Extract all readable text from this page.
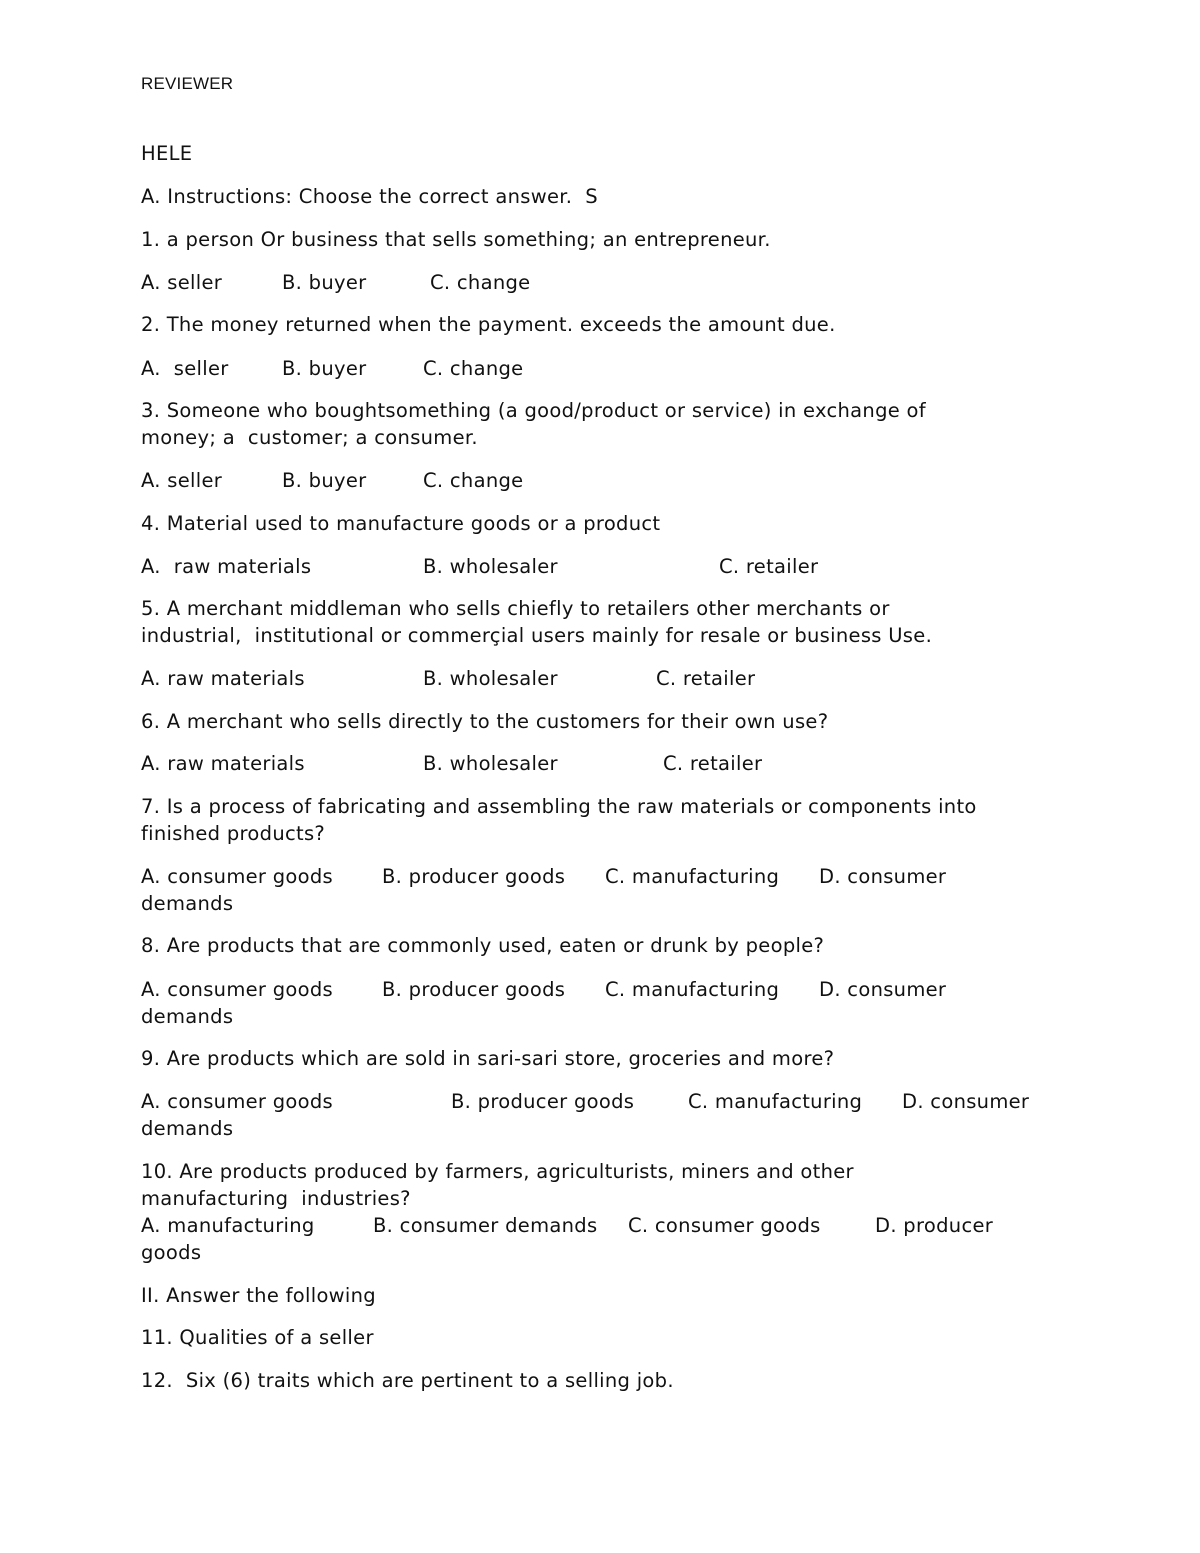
REVIEWER

HELE

A. Instructions: Choose the correct answer.  S

1. a person Or business that sells something; an entrepreneur.

A. seller	B. buyer	C. change

2. The money returned when the payment. exceeds the amount due.

A.  seller	B. buyer	C. change

3. Someone who boughtsomething (a good/product or service) in exchange of

money; a  customer; a consumer.

A. seller	B. buyer	C. change

4. Material used to manufacture goods or a product

A.  raw materials	B. wholesaler	C. retailer

5. A merchant middleman who sells chiefly to retailers other merchants or

industrial,  institutional or commerçial users mainly for resale or business Use.

A. raw materials	B. wholesaler	C. retailer

6. A merchant who sells directly to the customers for their own use?

A. raw materials	B. wholesaler	C. retailer

7. Is a process of fabricating and assembling the raw materials or components into

finished products?

A. consumer goods	B. producer goods C. manufacturing D. consumer

demands

8. Are products that are commonly used, eaten or drunk by people?

A. consumer goods	B. producer goods C. manufacturing D. consumer

demands

9. Are products which are sold in sari-sari store, groceries and more?

A. consumer goods	B. producer goods	C. manufacturing D. consumer

demands

10. Are products produced by farmers, agriculturists, miners and other

manufacturing  industries?

A. manufacturing	B. consumer demands C. consumer goods	D. producer

goods

II. Answer the following

11. Qualities of a seller

12.  Six (6) traits which are pertinent to a selling job.
